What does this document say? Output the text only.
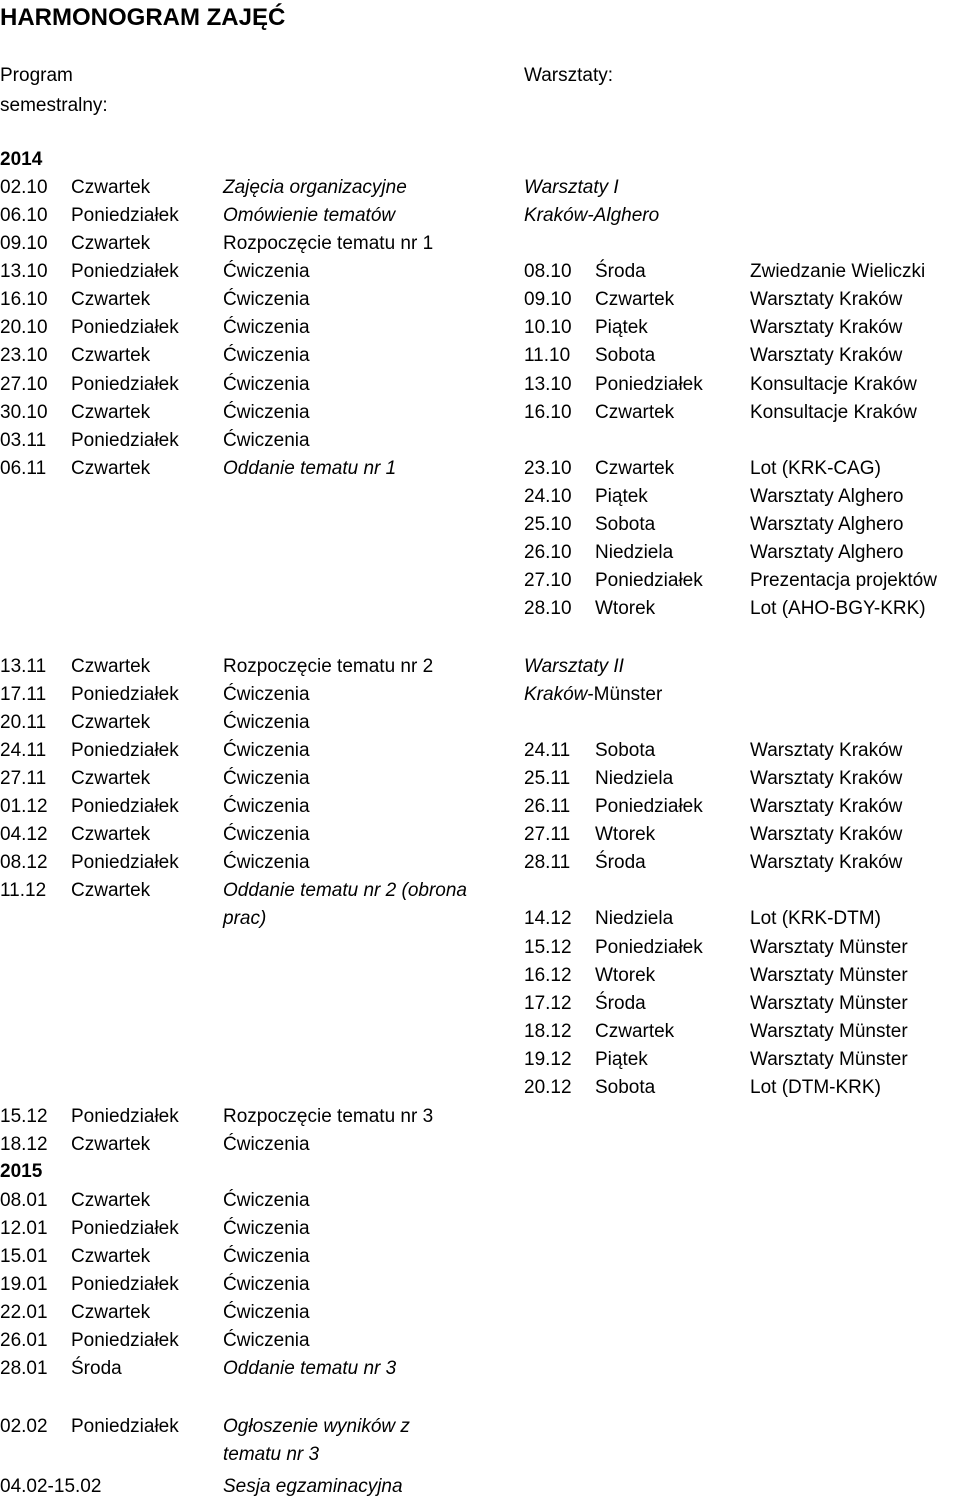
HARMONOGRAM ZAJĘĆ
Program
semestralny:
Warsztaty:
2014
2015
Warsztaty I
Kraków-Alghero
Warsztaty II
Kraków-Münster
02.10 Czwartek	Zajęcia organizacyjne
06.10 Poniedziałek Omówienie tematów
09.10 Czwartek	Rozpoczęcie tematu nr 1
13.10 Poniedziałek Ćwiczenia
16.10 Czwartek	Ćwiczenia
20.10 Poniedziałek Ćwiczenia
23.10 Czwartek	Ćwiczenia
27.10 Poniedziałek Ćwiczenia
30.10 Czwartek	Ćwiczenia
03.11 Poniedziałek Ćwiczenia
06.11 Czwartek	Oddanie tematu nr 1
13.11 Czwartek	Rozpoczęcie tematu nr 2
17.11 Poniedziałek Ćwiczenia
20.11 Czwartek	Ćwiczenia
24.11 Poniedziałek Ćwiczenia
27.11 Czwartek	Ćwiczenia
01.12 Poniedziałek Ćwiczenia
04.12 Czwartek	Ćwiczenia
08.12 Poniedziałek Ćwiczenia
11.12 Czwartek	Oddanie tematu nr 2 (obrona
prac)
15.12 Poniedziałek Rozpoczęcie tematu nr 3
18.12 Czwartek	Ćwiczenia
08.01 Czwartek	Ćwiczenia
12.01 Poniedziałek Ćwiczenia
15.01 Czwartek	Ćwiczenia
19.01 Poniedziałek Ćwiczenia
22.01 Czwartek	Ćwiczenia
26.01 Poniedziałek Ćwiczenia
28.01 Środa	Oddanie tematu nr 3
02.02 Poniedziałek Ogłoszenie wyników z
tematu nr 3
04.02-15.02	Sesja egzaminacyjna
08.10 Środa	Zwiedzanie Wieliczki
09.10 Czwartek	Warsztaty Kraków
10.10 Piątek	Warsztaty Kraków
11.10 Sobota	Warsztaty Kraków
13.10 Poniedziałek Konsultacje Kraków
16.10 Czwartek	Konsultacje Kraków
23.10 Czwartek	Lot (KRK-CAG)
24.10 Piątek	Warsztaty Alghero
25.10 Sobota	Warsztaty Alghero
26.10 Niedziela	Warsztaty Alghero
27.10 Poniedziałek Prezentacja projektów
28.10 Wtorek	Lot (AHO-BGY-KRK)
24.11 Sobota	Warsztaty Kraków
25.11 Niedziela	Warsztaty Kraków
26.11 Poniedziałek Warsztaty Kraków
27.11 Wtorek	Warsztaty Kraków
28.11 Środa	Warsztaty Kraków
14.12 Niedziela	Lot (KRK-DTM)
15.12 Poniedziałek Warsztaty Münster
16.12 Wtorek	Warsztaty Münster
17.12 Środa	Warsztaty Münster
18.12 Czwartek	Warsztaty Münster
19.12 Piątek	Warsztaty Münster
20.12 Sobota	Lot (DTM-KRK)
